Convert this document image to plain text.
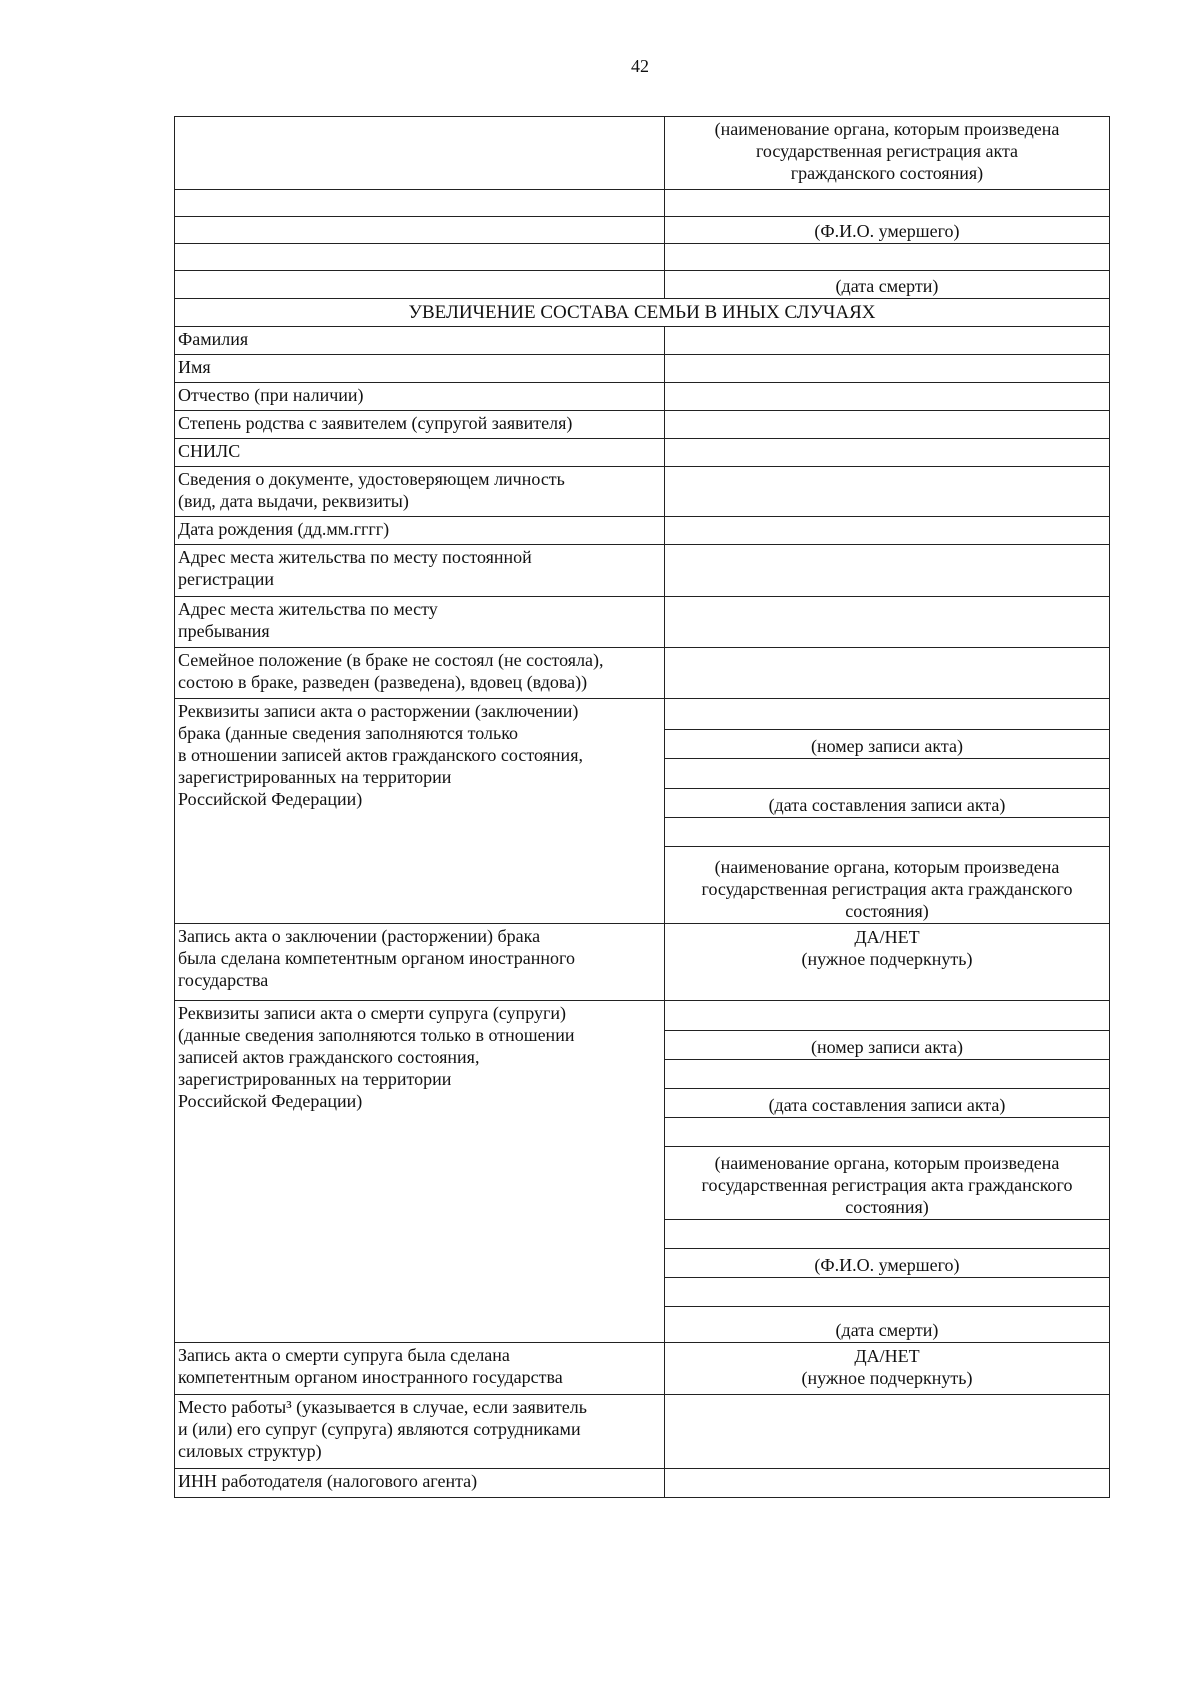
42
(наименование органа, которым произведена
государственная регистрация акта
гражданского состояния)
(Ф.И.О. умершего)
(дата смерти)
УВЕЛИЧЕНИЕ СОСТАВА СЕМЬИ В ИНЫХ СЛУЧАЯХ
Фамилия
Имя
Отчество (при наличии)
Степень родства с заявителем (супругой заявителя)
СНИЛС
Сведения о документе, удостоверяющем личность
(вид, дата выдачи, реквизиты)
Дата рождения (дд.мм.гггг)
Адрес места жительства по месту постоянной
регистрации
Адрес места жительства по месту
пребывания
Семейное положение (в браке не состоял (не состояла),
состою в браке, разведен (разведена), вдовец (вдова))
Реквизиты записи акта о расторжении (заключении)
брака (данные сведения заполняются только
в отношении записей актов гражданского состояния,
зарегистрированных на территории
Российской Федерации)
(номер записи акта)
(дата составления записи акта)
(наименование органа, которым произведена
государственная регистрация акта гражданского
состояния)
Запись акта о заключении (расторжении) брака
была сделана компетентным органом иностранного
государства
ДА/НЕТ
(нужное подчеркнуть)
Реквизиты записи акта о смерти супруга (супруги)
(данные сведения заполняются только в отношении
записей актов гражданского состояния,
зарегистрированных на территории
Российской Федерации)
(номер записи акта)
(дата составления записи акта)
(наименование органа, которым произведена
государственная регистрация акта гражданского
состояния)
(Ф.И.О. умершего)
(дата смерти)
Запись акта о смерти супруга была сделана
компетентным органом иностранного государства
ДА/НЕТ
(нужное подчеркнуть)
Место работы³ (указывается в случае, если заявитель
и (или) его супруг (супруга) являются сотрудниками
силовых структур)
ИНН работодателя (налогового агента)
